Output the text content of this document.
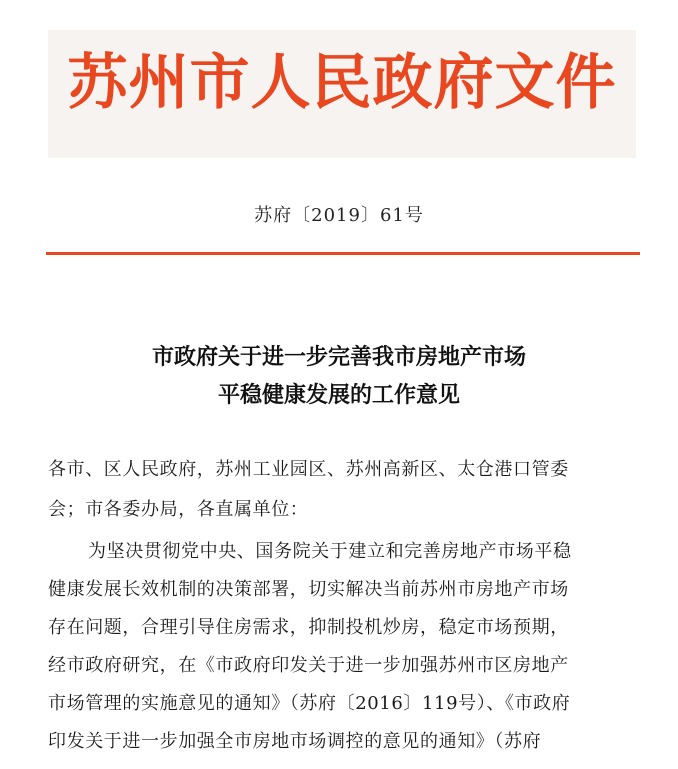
苏州市人民政府文件
苏府〔2019〕61号
市政府关于进一步完善我市房地产市场
平稳健康发展的工作意见
各市、区人民政府，苏州工业园区、苏州高新区、太仓港口管委
会；市各委办局，各直属单位：
为坚决贯彻党中央、国务院关于建立和完善房地产市场平稳
健康发展长效机制的决策部署，切实解决当前苏州市房地产市场
存在问题，合理引导住房需求，抑制投机炒房，稳定市场预期，
经市政府研究，在《市政府印发关于进一步加强苏州市区房地产
市场管理的实施意见的通知》（苏府〔2016〕119号）、《市政府
印发关于进一步加强全市房地市场调控的意见的通知》（苏府
